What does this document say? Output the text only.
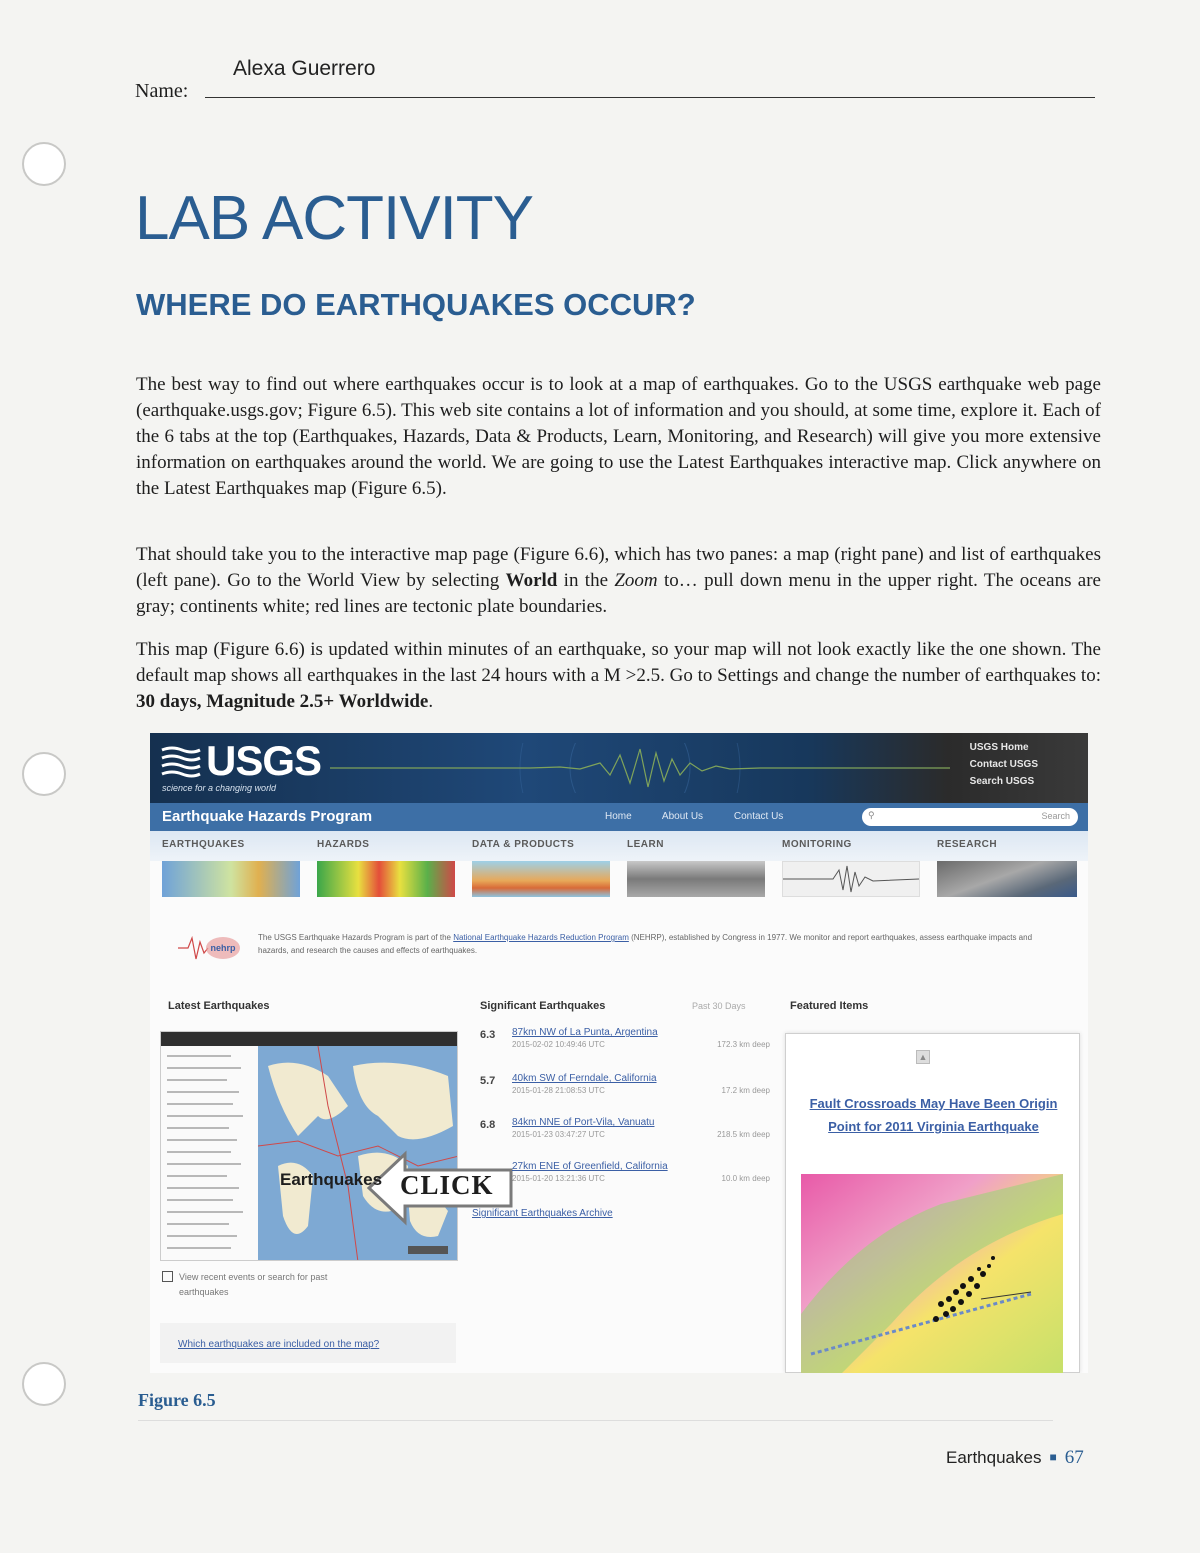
Alexa Guerrero
Name:
LAB ACTIVITY
WHERE DO EARTHQUAKES OCCUR?

The best way to find out where earthquakes occur is to look at a map of earthquakes. Go to the USGS earthquake web page (earthquake.usgs.gov; Figure 6.5). This web site contains a lot of information and you should, at some time, explore it. Each of the 6 tabs at the top (Earthquakes, Hazards, Data & Products, Learn, Monitoring, and Research) will give you more extensive information on earthquakes around the world. We are going to use the Latest Earthquakes interactive map. Click anywhere on the Latest Earthquakes map (Figure 6.5).

That should take you to the interactive map page (Figure 6.6), which has two panes: a map (right pane) and list of earthquakes (left pane). Go to the World View by selecting World in the Zoom to… pull down menu in the upper right. The oceans are gray; continents white; red lines are tectonic plate boundaries.

This map (Figure 6.6) is updated within minutes of an earthquake, so your map will not look exactly like the one shown. The default map shows all earthquakes in the last 24 hours with a M >2.5. Go to Settings and change the number of earthquakes to: 30 days, Magnitude 2.5+ Worldwide.

USGS
science for a changing world
USGS Home
Contact USGS
Search USGS
Earthquake Hazards Program	Home	About Us	Contact Us	⚲	Search
EARTHQUAKES	HAZARDS	DATA & PRODUCTS	LEARN	MONITORING	RESEARCH
nehrp
The USGS Earthquake Hazards Program is part of the National Earthquake Hazards Reduction Program (NEHRP), established by Congress in 1977. We monitor and report earthquakes, assess earthquake impacts and hazards, and research the causes and effects of earthquakes.
Latest Earthquakes	Significant Earthquakes	Past 30 Days	Featured Items
Earthquakes CLICK
6.3 87km NW of La Punta, Argentina
2015-02-02 10:49:46 UTC	172.3 km deep
5.7 40km SW of Ferndale, California
2015-01-28 21:08:53 UTC	17.2 km deep
6.8 84km NNE of Port-Vila, Vanuatu
2015-01-23 03:47:27 UTC	218.5 km deep
27km ENE of Greenfield, California
2015-01-20 13:21:36 UTC	10.0 km deep
Significant Earthquakes Archive
▲
Fault Crossroads May Have Been Origin Point for 2011 Virginia Earthquake
View recent events or search for past
earthquakes
Which earthquakes are included on the map?
Figure 6.5
Earthquakes ■ 67
